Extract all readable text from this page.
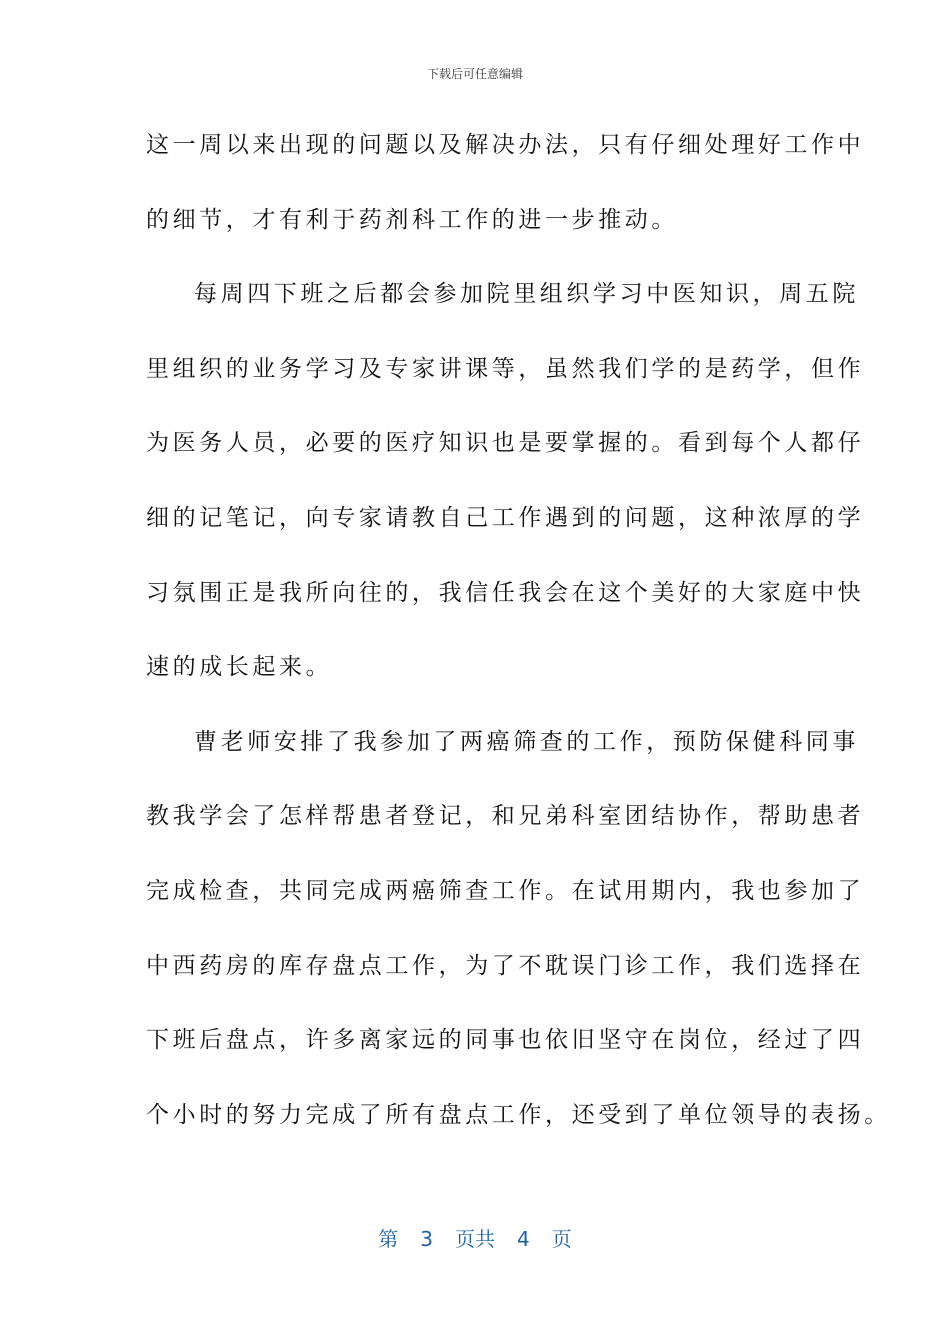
下载后可任意编辑
这一周以来出现的问题以及解决办法，只有仔细处理好工作中
的细节，才有利于药剂科工作的进一步推动。
每周四下班之后都会参加院里组织学习中医知识，周五院
里组织的业务学习及专家讲课等，虽然我们学的是药学，但作
为医务人员，必要的医疗知识也是要掌握的。看到每个人都仔
细的记笔记，向专家请教自己工作遇到的问题，这种浓厚的学
习氛围正是我所向往的，我信任我会在这个美好的大家庭中快
速的成长起来。
曹老师安排了我参加了两癌筛查的工作，预防保健科同事
教我学会了怎样帮患者登记，和兄弟科室团结协作，帮助患者
完成检查，共同完成两癌筛查工作。在试用期内，我也参加了
中西药房的库存盘点工作，为了不耽误门诊工作，我们选择在
下班后盘点，许多离家远的同事也依旧坚守在岗位，经过了四
个小时的努力完成了所有盘点工作，还受到了单位领导的表扬。
第 3 页共 4 页
